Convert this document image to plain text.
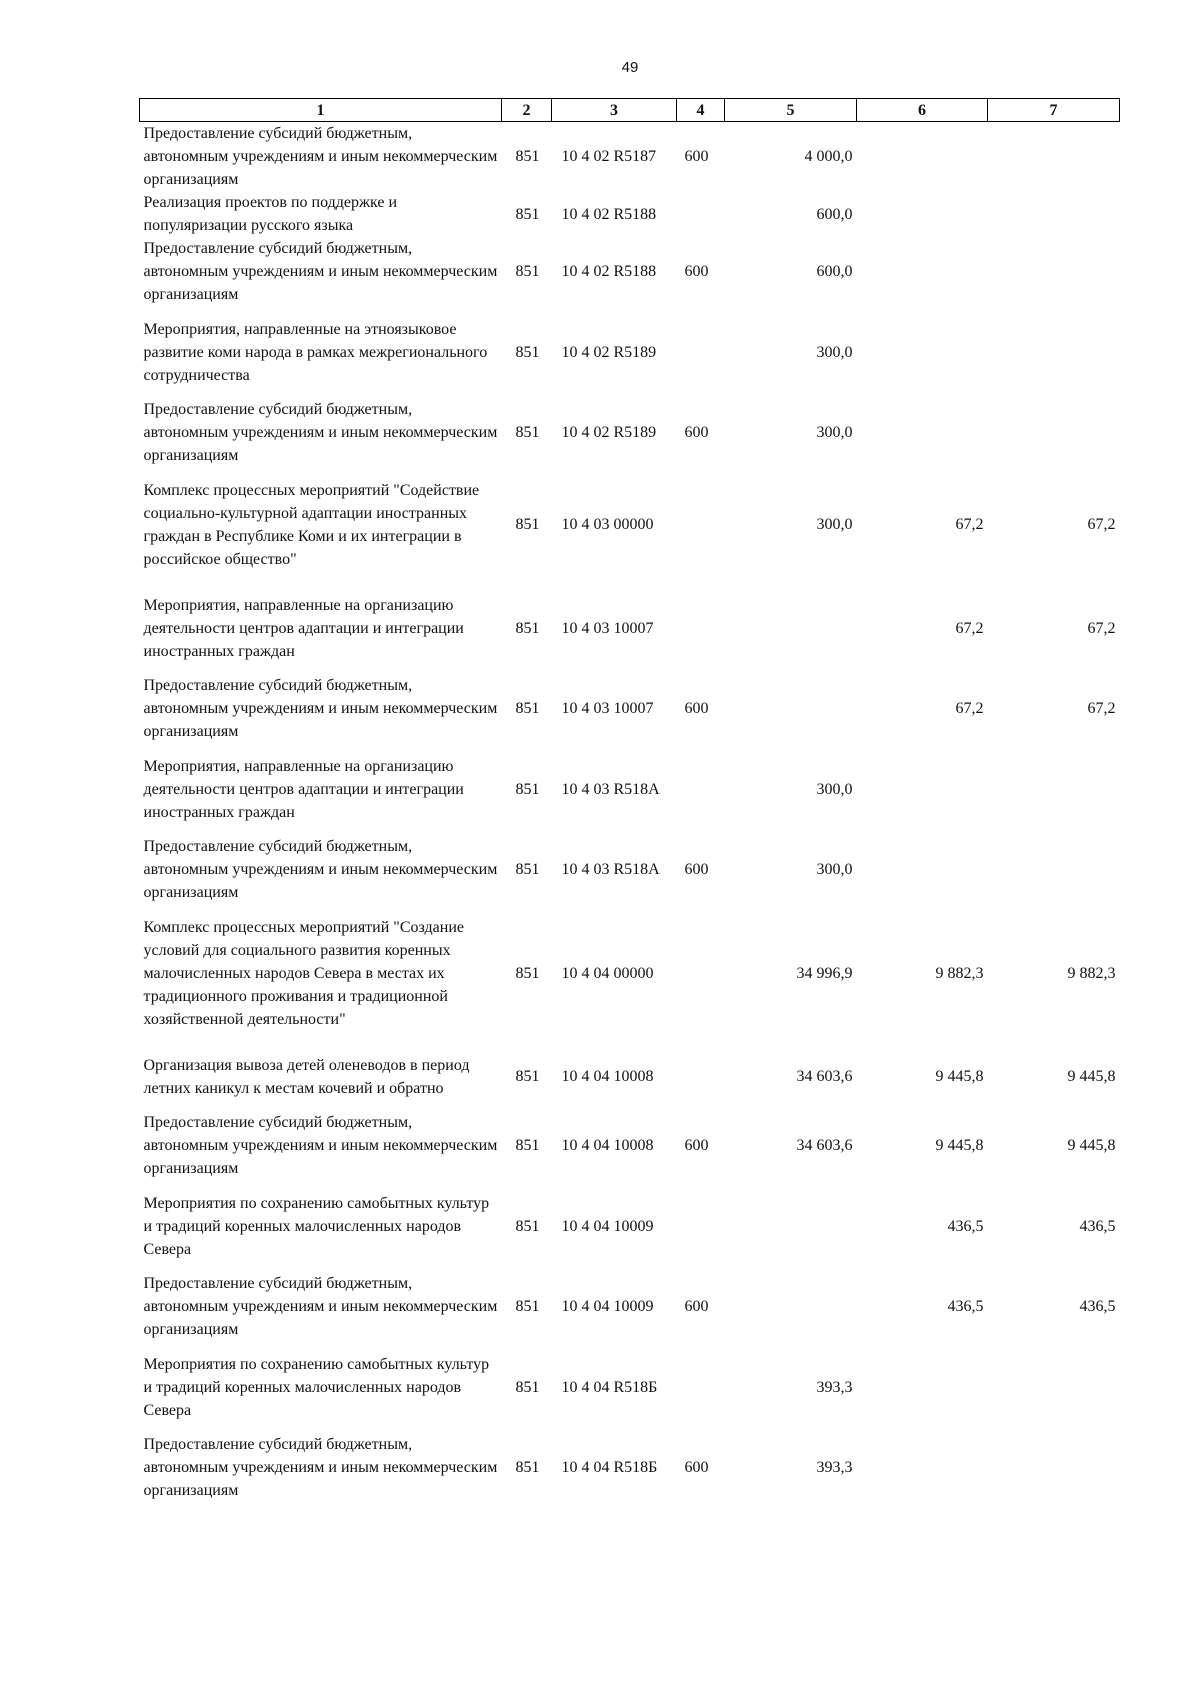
49
1	2	3	4	5	6	7
Предоставление субсидий бюджетным, автономным учреждениям и иным некоммерческим организациям	851	10 4 02 R5187	600	4 000,0		
Реализация проектов по поддержке и популяризации русского языка	851	10 4 02 R5188		600,0		
Предоставление субсидий бюджетным, автономным учреждениям и иным некоммерческим организациям	851	10 4 02 R5188	600	600,0		
Мероприятия, направленные на этноязыковое развитие коми народа в рамках межрегионального сотрудничества	851	10 4 02 R5189		300,0		
Предоставление субсидий бюджетным, автономным учреждениям и иным некоммерческим организациям	851	10 4 02 R5189	600	300,0		
Комплекс процессных мероприятий "Содействие социально-культурной адаптации иностранных граждан в Республике Коми и их интеграции в российское общество"	851	10 4 03 00000		300,0	67,2	67,2
Мероприятия, направленные на организацию деятельности центров адаптации и интеграции иностранных граждан	851	10 4 03 10007			67,2	67,2
Предоставление субсидий бюджетным, автономным учреждениям и иным некоммерческим организациям	851	10 4 03 10007	600		67,2	67,2
Мероприятия, направленные на организацию деятельности центров адаптации и интеграции иностранных граждан	851	10 4 03 R518А		300,0		
Предоставление субсидий бюджетным, автономным учреждениям и иным некоммерческим организациям	851	10 4 03 R518А	600	300,0		
Комплекс процессных мероприятий "Создание условий для социального развития коренных малочисленных народов Севера в местах их традиционного проживания и традиционной хозяйственной деятельности"	851	10 4 04 00000		34 996,9	9 882,3	9 882,3
Организация вывоза детей оленеводов в период летних каникул к местам кочевий и обратно	851	10 4 04 10008		34 603,6	9 445,8	9 445,8
Предоставление субсидий бюджетным, автономным учреждениям и иным некоммерческим организациям	851	10 4 04 10008	600	34 603,6	9 445,8	9 445,8
Мероприятия по сохранению самобытных культур и традиций коренных малочисленных народов Севера	851	10 4 04 10009			436,5	436,5
Предоставление субсидий бюджетным, автономным учреждениям и иным некоммерческим организациям	851	10 4 04 10009	600		436,5	436,5
Мероприятия по сохранению самобытных культур и традиций коренных малочисленных народов Севера	851	10 4 04 R518Б		393,3		
Предоставление субсидий бюджетным, автономным учреждениям и иным некоммерческим организациям	851	10 4 04 R518Б	600	393,3		
